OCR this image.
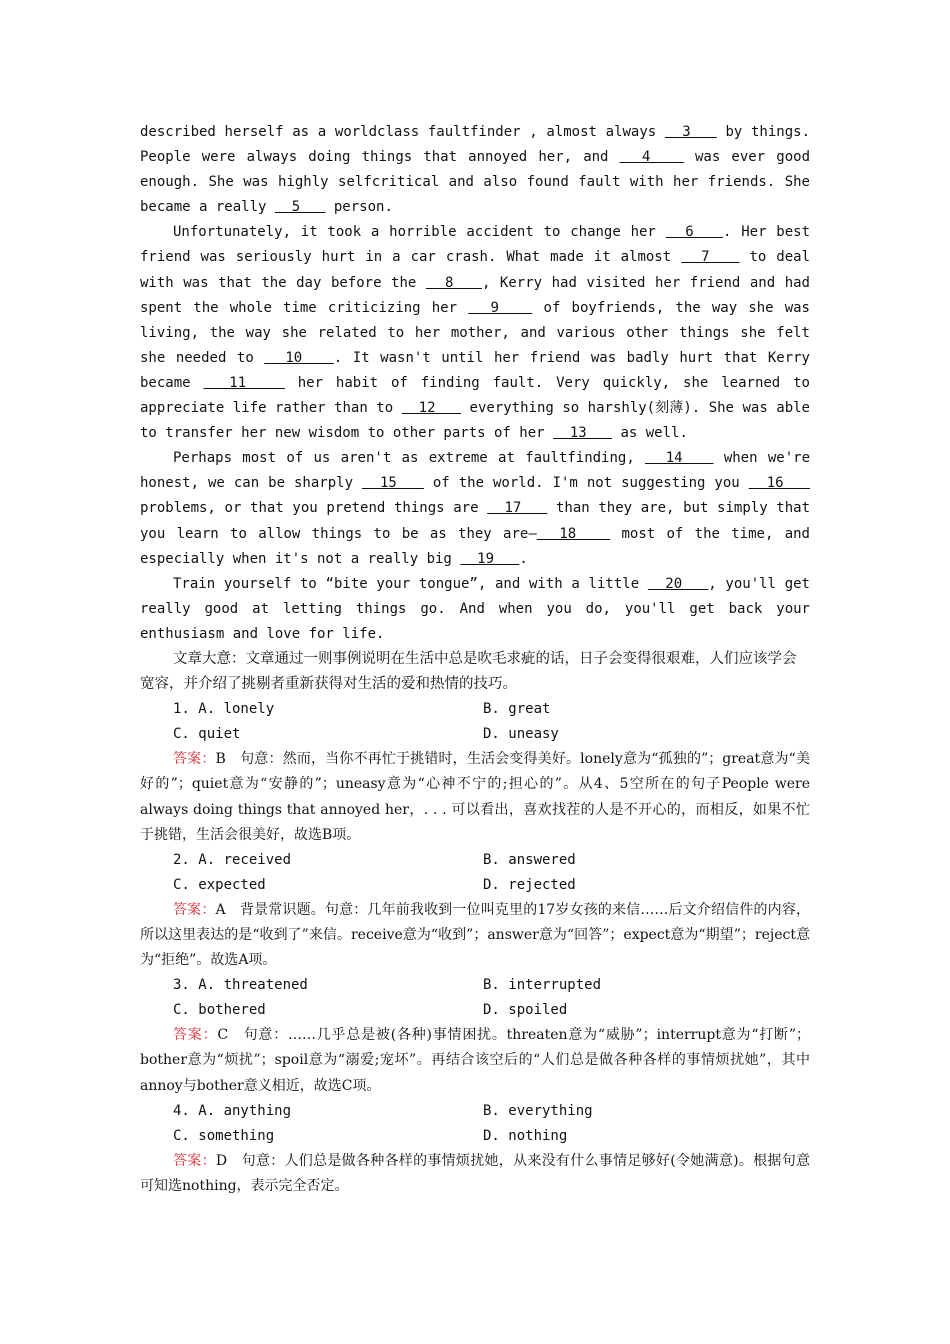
described herself as a worldclass faultfinder , almost always   3    by things. People were always doing things that annoyed her, and   4    was ever good enough. She was highly selfcritical and also found fault with her friends. She became a really   5    person.

Unfortunately, it took a horrible accident to change her   6   . Her best friend was seriously hurt in a car crash. What made it almost   7    to deal with was that the day before the   8   , Kerry had visited her friend and had spent the whole time criticizing her   9    of boyfriends, the way she was living, the way she related to her mother, and various other things she felt she needed to   10   . It wasn't until her friend was badly hurt that Kerry became   11    her habit of finding fault. Very quickly, she learned to appreciate life rather than to   12    everything so harshly(刻薄). She was able to transfer her new wisdom to other parts of her   13    as well.

Perhaps most of us aren't as extreme at faultfinding,   14    when we're honest, we can be sharply   15    of the world. I'm not suggesting you   16    problems, or that you pretend things are   17    than they are, but simply that you learn to allow things to be as they are—  18    most of the time, and especially when it's not a really big   19   .

Train yourself to “bite your tongue”, and with a little   20   , you'll get really good at letting things go. And when you do, you'll get back your enthusiasm and love for life.

文章大意：文章通过一则事例说明在生活中总是吹毛求疵的话，日子会变得很艰难，人们应该学会宽容，并介绍了挑剔者重新获得对生活的爱和热情的技巧。

1. A. lonely	B. great
C. quiet	D. uneasy

答案：B　句意：然而，当你不再忙于挑错时，生活会变得美好。lonely意为“孤独的”；great意为“美好的”；quiet意为“安静的”；uneasy意为“心神不宁的;担心的”。从4、5空所在的句子People were always doing things that annoyed her，. . . 可以看出，喜欢找茬的人是不开心的，而相反，如果不忙于挑错，生活会很美好，故选B项。

2. A. received	B. answered
C. expected	D. rejected

答案：A　背景常识题。句意：几年前我收到一位叫克里的17岁女孩的来信……后文介绍信件的内容，所以这里表达的是“收到了”来信。receive意为“收到”；answer意为“回答”；expect意为“期望”；reject意为“拒绝”。故选A项。

3. A. threatened	B. interrupted
C. bothered	D. spoiled

答案：C　句意：……几乎总是被(各种)事情困扰。threaten意为“威胁”；interrupt意为“打断”；bother意为“烦扰”；spoil意为“溺爱;宠坏”。再结合该空后的“人们总是做各种各样的事情烦扰她”，其中annoy与bother意义相近，故选C项。

4. A. anything	B. everything
C. something	D. nothing

答案：D　句意：人们总是做各种各样的事情烦扰她，从来没有什么事情足够好(令她满意)。根据句意可知选nothing，表示完全否定。
